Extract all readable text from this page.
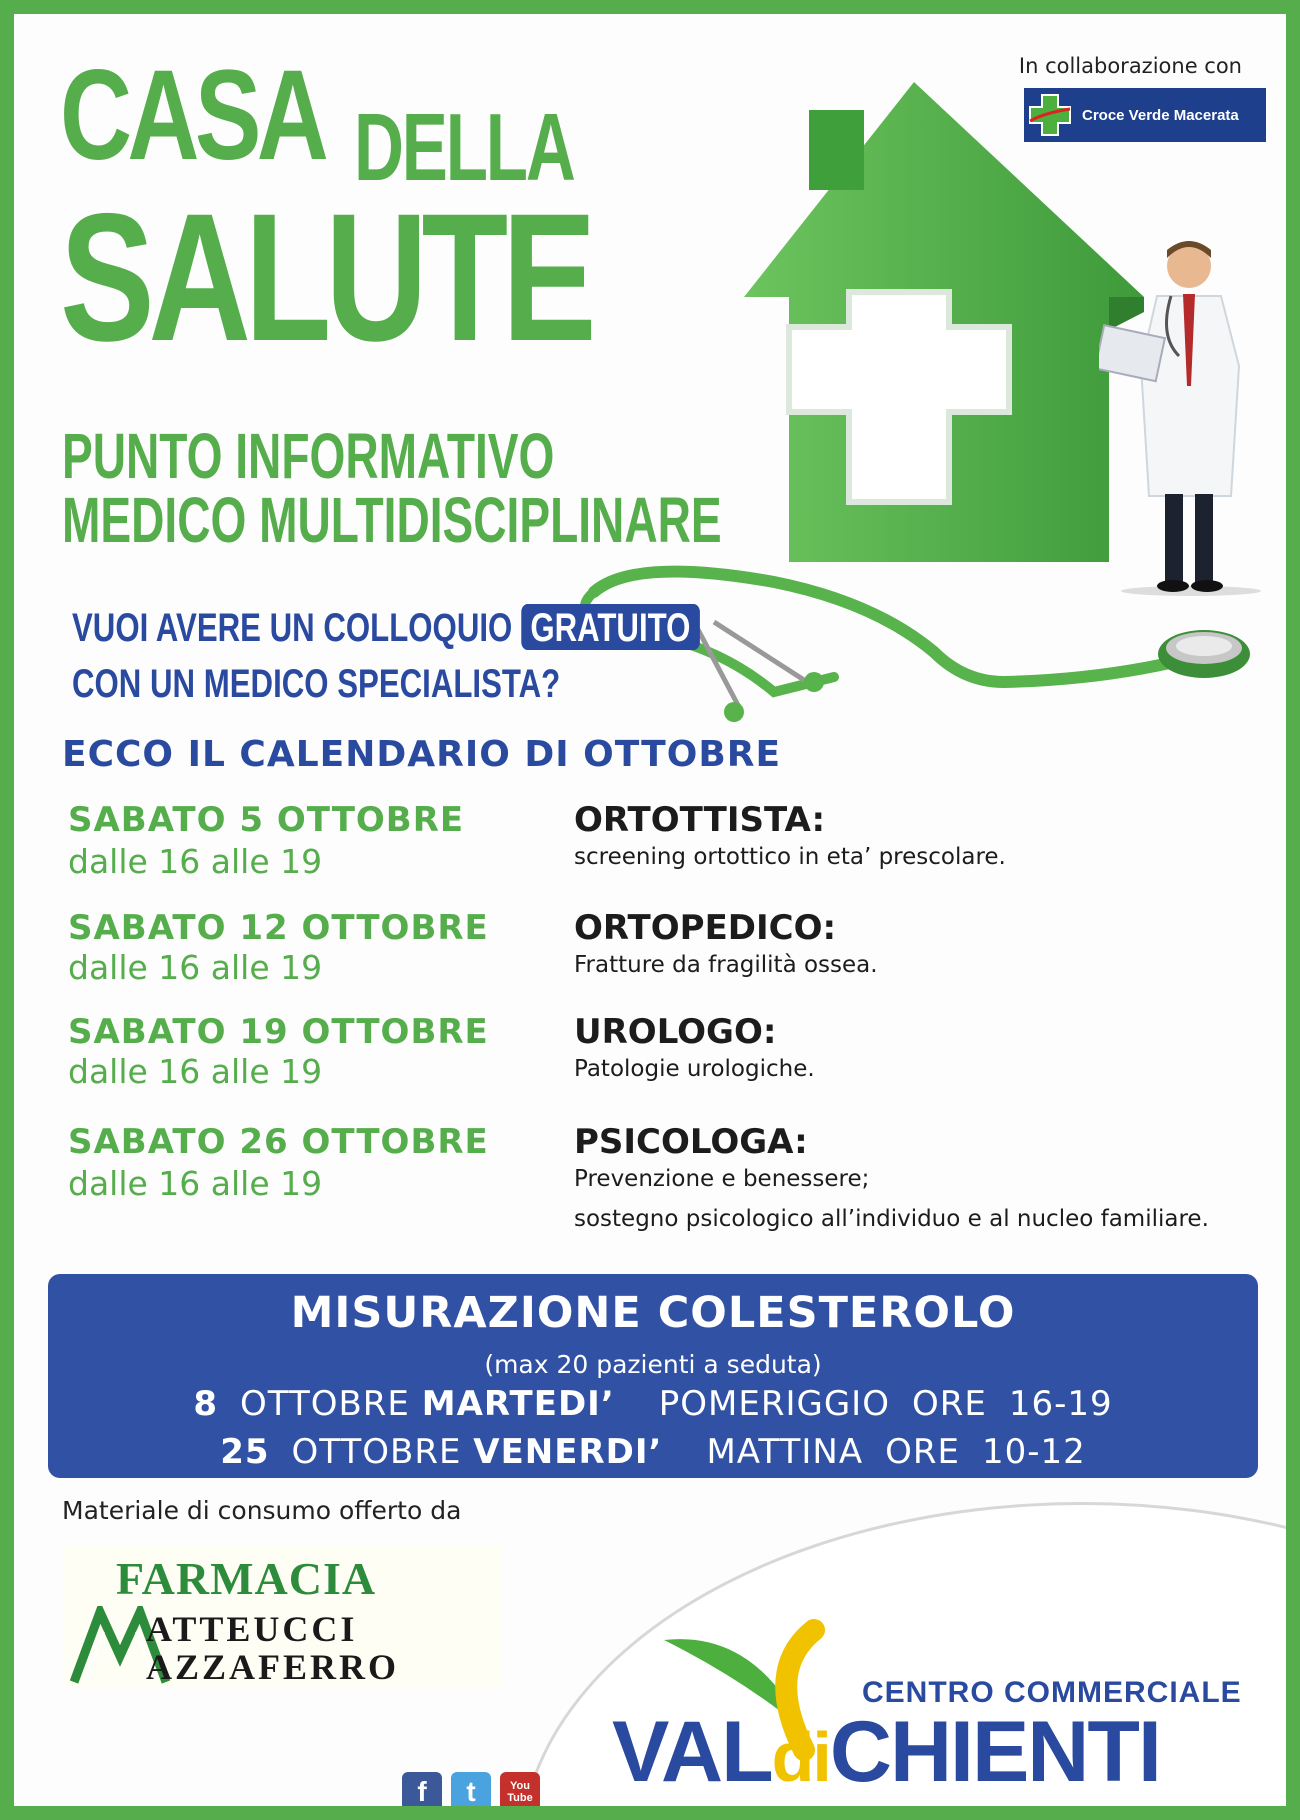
CASA DELLA
SALUTE
PUNTO INFORMATIVO
MEDICO MULTIDISCIPLINARE
In collaborazione con
Croce Verde Macerata
VUOI AVERE UN COLLOQUIO GRATUITO
CON UN MEDICO SPECIALISTA?
ECCO IL CALENDARIO DI OTTOBRE
SABATO 5 OTTOBRE
dalle 16 alle 19
ORTOTTISTA:
screening ortottico in eta’ prescolare.
SABATO 12 OTTOBRE
dalle 16 alle 19
ORTOPEDICO:
Fratture da fragilità ossea.
SABATO 19 OTTOBRE
dalle 16 alle 19
UROLOGO:
Patologie urologiche.
SABATO 26 OTTOBRE
dalle 16 alle 19
PSICOLOGA:
Prevenzione e benessere;
sostegno psicologico all’individuo e al nucleo familiare.
MISURAZIONE COLESTEROLO
(max 20 pazienti a seduta)
8 OTTOBRE MARTEDI’ POMERIGGIO ORE 16-19
25 OTTOBRE VENERDI’ MATTINA ORE 10-12
Materiale di consumo offerto da
FARMACIA
ATTEUCCI
AZZAFERRO
CENTRO COMMERCIALE
VALdiCHIENTI
f	t	You
Tube
